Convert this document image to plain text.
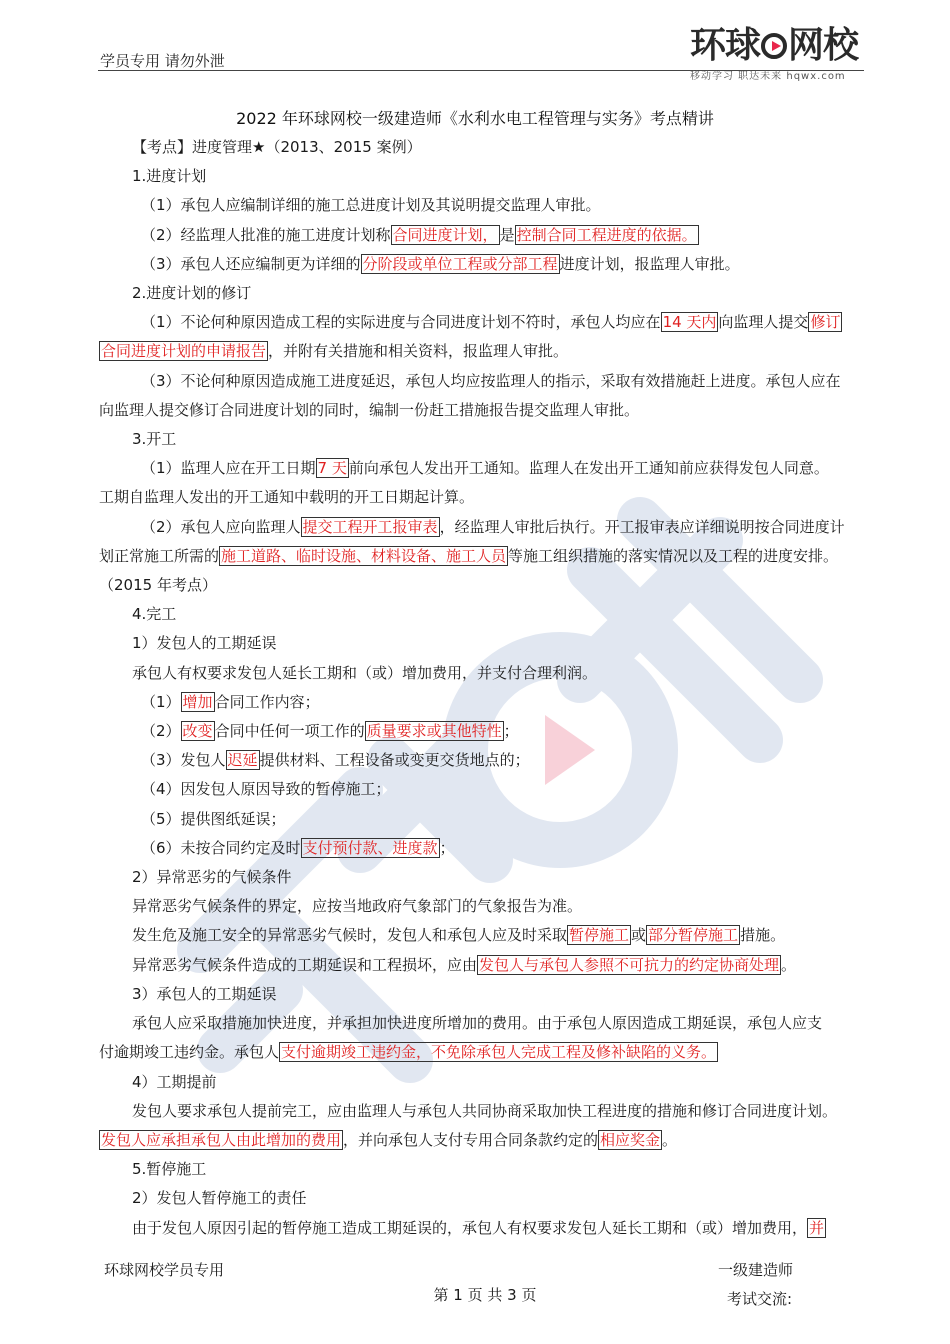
学员专用 请勿外泄	环球 网校
移动学习 职达未来 hqwx.com
2022 年环球网校一级建造师《水利水电工程管理与实务》考点精讲

【考点】进度管理★（2013、2015 案例）

1.进度计划

（1）承包人应编制详细的施工总进度计划及其说明提交监理人审批。

（2）经监理人批准的施工进度计划称 合同进度计划， 是 控制合同工程进度的依据。

（3）承包人还应编制更为详细的 分阶段或单位工程或分部工程 进度计划，报监理人审批。

2.进度计划的修订

（1）不论何种原因造成工程的实际进度与合同进度计划不符时，承包人均应在 14 天内 向监理人提交 修订

合同进度计划的申请报告 ，并附有关措施和相关资料，报监理人审批。

（3）不论何种原因造成施工进度延迟，承包人均应按监理人的指示，采取有效措施赶上进度。承包人应在

向监理人提交修订合同进度计划的同时，编制一份赶工措施报告提交监理人审批。

3.开工

（1）监理人应在开工日期 7 天 前向承包人发出开工通知。监理人在发出开工通知前应获得发包人同意。

工期自监理人发出的开工通知中载明的开工日期起计算。

（2）承包人应向监理人 提交工程开工报审表 ，经监理人审批后执行。开工报审表应详细说明按合同进度计

划正常施工所需的 施工道路、临时设施、材料设备、施工人员 等施工组织措施的落实情况以及工程的进度安排。

（2015 年考点）

4.完工

1）发包人的工期延误

承包人有权要求发包人延长工期和（或）增加费用，并支付合理利润。

（1） 增加 合同工作内容；

（2） 改变 合同中任何一项工作的 质量要求或其他特性 ；

（3）发包人 迟延 提供材料、工程设备或变更交货地点的；

（4）因发包人原因导致的暂停施工；

（5）提供图纸延误；

（6）未按合同约定及时 支付预付款、进度款 ；

2）异常恶劣的气候条件

异常恶劣气候条件的界定，应按当地政府气象部门的气象报告为准。

发生危及施工安全的异常恶劣气候时，发包人和承包人应及时采取 暂停施工 或 部分暂停施工 措施。

异常恶劣气候条件造成的工期延误和工程损坏，应由 发包人与承包人参照不可抗力的约定协商处理 。

3）承包人的工期延误

承包人应采取措施加快进度，并承担加快进度所增加的费用。由于承包人原因造成工期延误，承包人应支

付逾期竣工违约金。承包人 支付逾期竣工违约金，不免除承包人完成工程及修补缺陷的义务。

4）工期提前

发包人要求承包人提前完工，应由监理人与承包人共同协商采取加快工程进度的措施和修订合同进度计划。

发包人应承担承包人由此增加的费用 ，并向承包人支付专用合同条款约定的 相应奖金 。

5.暂停施工

2）发包人暂停施工的责任

由于发包人原因引起的暂停施工造成工期延误的，承包人有权要求发包人延长工期和（或）增加费用， 并

环球网校学员专用	一级建造师
考试交流:
第 1 页 共 3 页
